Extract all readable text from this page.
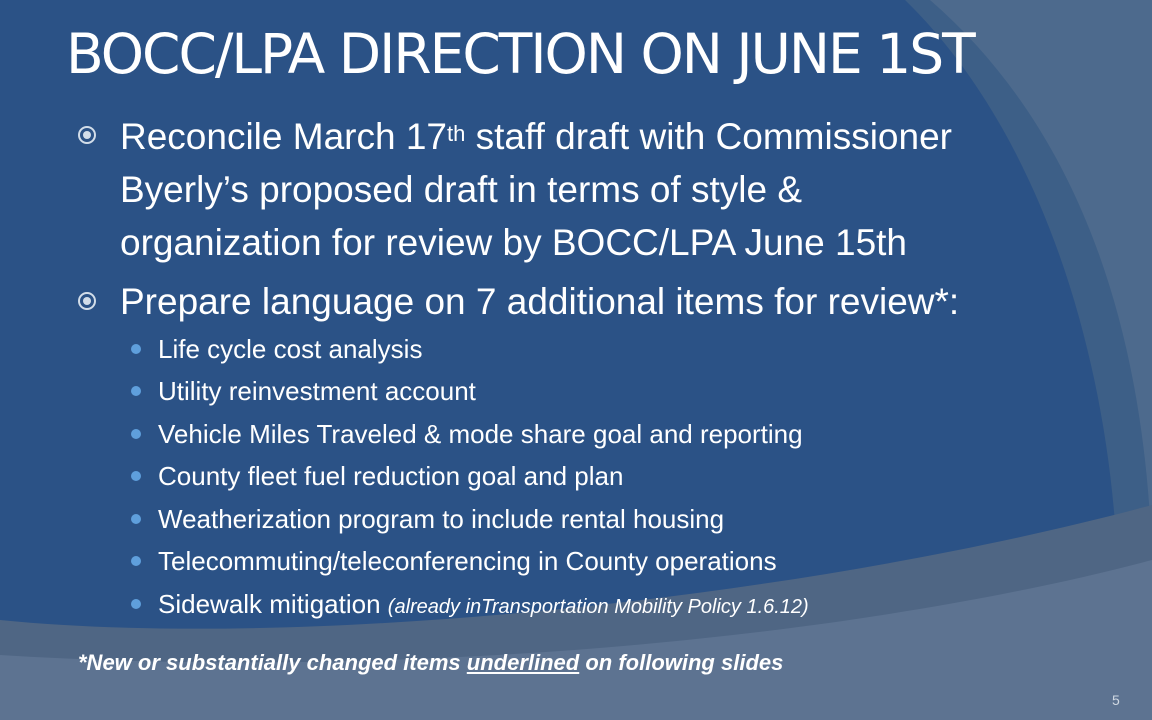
BOCC/LPA DIRECTION ON JUNE 1ST
Reconcile March 17th staff draft with Commissioner
Byerly’s proposed draft in terms of style &
organization for review by BOCC/LPA June 15th
Prepare language on 7 additional items for review*:
Life cycle cost analysis
Utility reinvestment account
Vehicle Miles Traveled & mode share goal and reporting
County fleet fuel reduction goal and plan
Weatherization program to include rental housing
Telecommuting/teleconferencing in County operations
Sidewalk mitigation (already inTransportation Mobility Policy 1.6.12)
*New or substantially changed items underlined on following slides
5
